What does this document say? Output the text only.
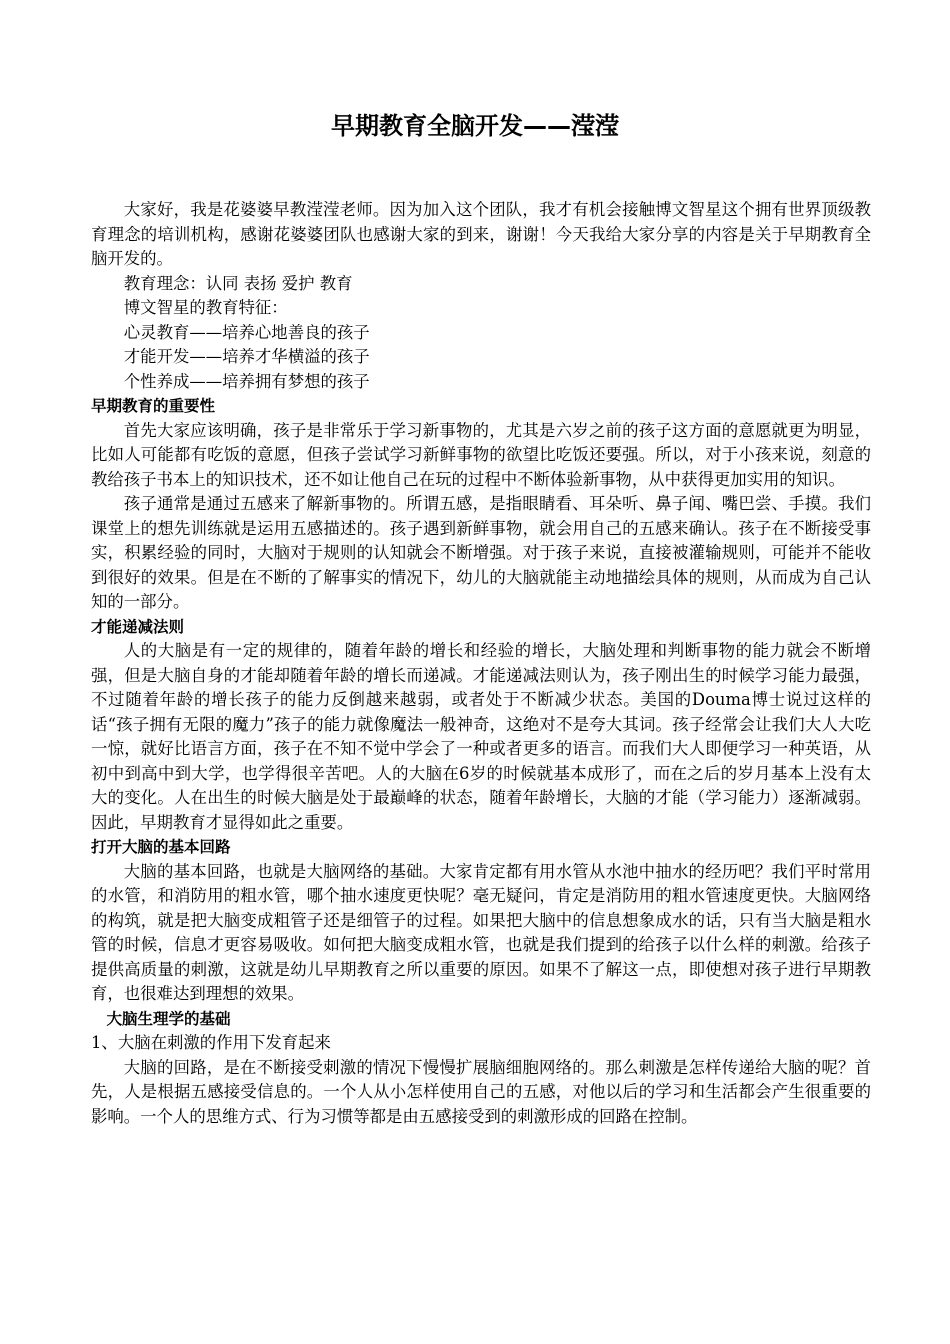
早期教育全脑开发——滢滢

大家好，我是花婆婆早教滢滢老师。因为加入这个团队，我才有机会接触博文智星这个拥有世界顶级教育理念的培训机构，感谢花婆婆团队也感谢大家的到来，谢谢！今天我给大家分享的内容是关于早期教育全脑开发的。

教育理念：认同 表扬 爱护 教育

博文智星的教育特征：

心灵教育——培养心地善良的孩子

才能开发——培养才华横溢的孩子

个性养成——培养拥有梦想的孩子

早期教育的重要性

首先大家应该明确，孩子是非常乐于学习新事物的，尤其是六岁之前的孩子这方面的意愿就更为明显，比如人可能都有吃饭的意愿，但孩子尝试学习新鲜事物的欲望比吃饭还要强。所以，对于小孩来说，刻意的教给孩子书本上的知识技术，还不如让他自己在玩的过程中不断体验新事物，从中获得更加实用的知识。

孩子通常是通过五感来了解新事物的。所谓五感，是指眼睛看、耳朵听、鼻子闻、嘴巴尝、手摸。我们课堂上的想先训练就是运用五感描述的。孩子遇到新鲜事物，就会用自己的五感来确认。孩子在不断接受事实，积累经验的同时，大脑对于规则的认知就会不断增强。对于孩子来说，直接被灌输规则，可能并不能收到很好的效果。但是在不断的了解事实的情况下，幼儿的大脑就能主动地描绘具体的规则，从而成为自己认知的一部分。

才能递减法则

人的大脑是有一定的规律的，随着年龄的增长和经验的增长，大脑处理和判断事物的能力就会不断增强，但是大脑自身的才能却随着年龄的增长而递减。才能递减法则认为，孩子刚出生的时候学习能力最强，不过随着年龄的增长孩子的能力反倒越来越弱，或者处于不断减少状态。美国的Douma博士说过这样的话“孩子拥有无限的魔力”孩子的能力就像魔法一般神奇，这绝对不是夸大其词。孩子经常会让我们大人大吃一惊，就好比语言方面，孩子在不知不觉中学会了一种或者更多的语言。而我们大人即便学习一种英语，从初中到高中到大学，也学得很辛苦吧。人的大脑在6岁的时候就基本成形了，而在之后的岁月基本上没有太大的变化。人在出生的时候大脑是处于最巅峰的状态，随着年龄增长，大脑的才能（学习能力）逐渐减弱。因此，早期教育才显得如此之重要。

打开大脑的基本回路

大脑的基本回路，也就是大脑网络的基础。大家肯定都有用水管从水池中抽水的经历吧？我们平时常用的水管，和消防用的粗水管，哪个抽水速度更快呢？毫无疑问，肯定是消防用的粗水管速度更快。大脑网络的构筑，就是把大脑变成粗管子还是细管子的过程。如果把大脑中的信息想象成水的话，只有当大脑是粗水管的时候，信息才更容易吸收。如何把大脑变成粗水管，也就是我们提到的给孩子以什么样的刺激。给孩子提供高质量的刺激，这就是幼儿早期教育之所以重要的原因。如果不了解这一点，即使想对孩子进行早期教育，也很难达到理想的效果。

大脑生理学的基础

1、大脑在刺激的作用下发育起来

大脑的回路，是在不断接受刺激的情况下慢慢扩展脑细胞网络的。那么刺激是怎样传递给大脑的呢？首先，人是根据五感接受信息的。一个人从小怎样使用自己的五感，对他以后的学习和生活都会产生很重要的影响。一个人的思维方式、行为习惯等都是由五感接受到的刺激形成的回路在控制。
